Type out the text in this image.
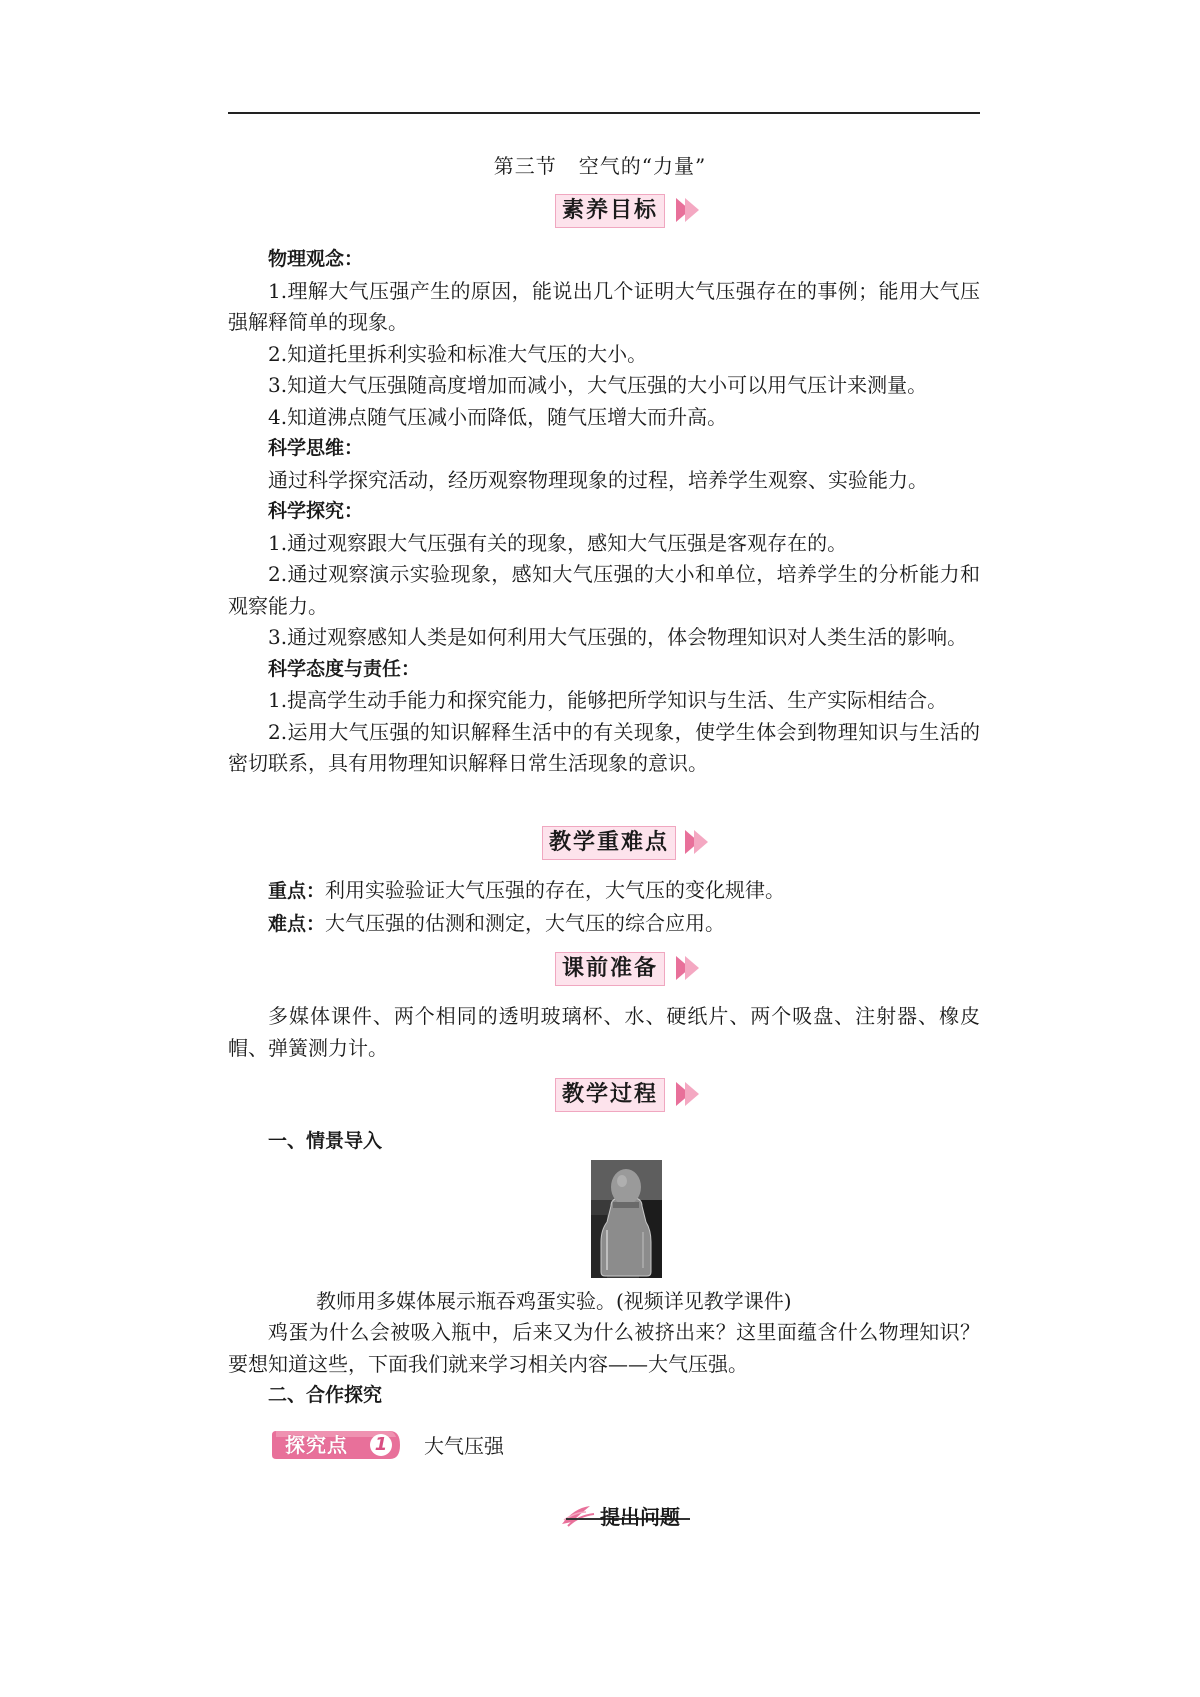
第三节 空气的“力量”
素养目标

物理观念：

1.理解大气压强产生的原因，能说出几个证明大气压强存在的事例；能用大气压强解释简单的现象。

2.知道托里拆利实验和标准大气压的大小。

3.知道大气压强随高度增加而减小，大气压强的大小可以用气压计来测量。

4.知道沸点随气压减小而降低，随气压增大而升高。

科学思维：

通过科学探究活动，经历观察物理现象的过程，培养学生观察、实验能力。

科学探究：

1.通过观察跟大气压强有关的现象，感知大气压强是客观存在的。

2.通过观察演示实验现象，感知大气压强的大小和单位，培养学生的分析能力和观察能力。

3.通过观察感知人类是如何利用大气压强的，体会物理知识对人类生活的影响。

科学态度与责任：

1.提高学生动手能力和探究能力，能够把所学知识与生活、生产实际相结合。

2.运用大气压强的知识解释生活中的有关现象，使学生体会到物理知识与生活的密切联系，具有用物理知识解释日常生活现象的意识。

教学重难点

重点：利用实验验证大气压强的存在，大气压的变化规律。

难点：大气压强的估测和测定，大气压的综合应用。

课前准备

多媒体课件、两个相同的透明玻璃杯、水、硬纸片、两个吸盘、注射器、橡皮帽、弹簧测力计。

教学过程

一、情景导入

教师用多媒体展示瓶吞鸡蛋实验。(视频详见教学课件)

鸡蛋为什么会被吸入瓶中，后来又为什么被挤出来？这里面蕴含什么物理知识？要想知道这些，下面我们就来学习相关内容——大气压强。

二、合作探究

探究点 1 大气压强
提出问题
